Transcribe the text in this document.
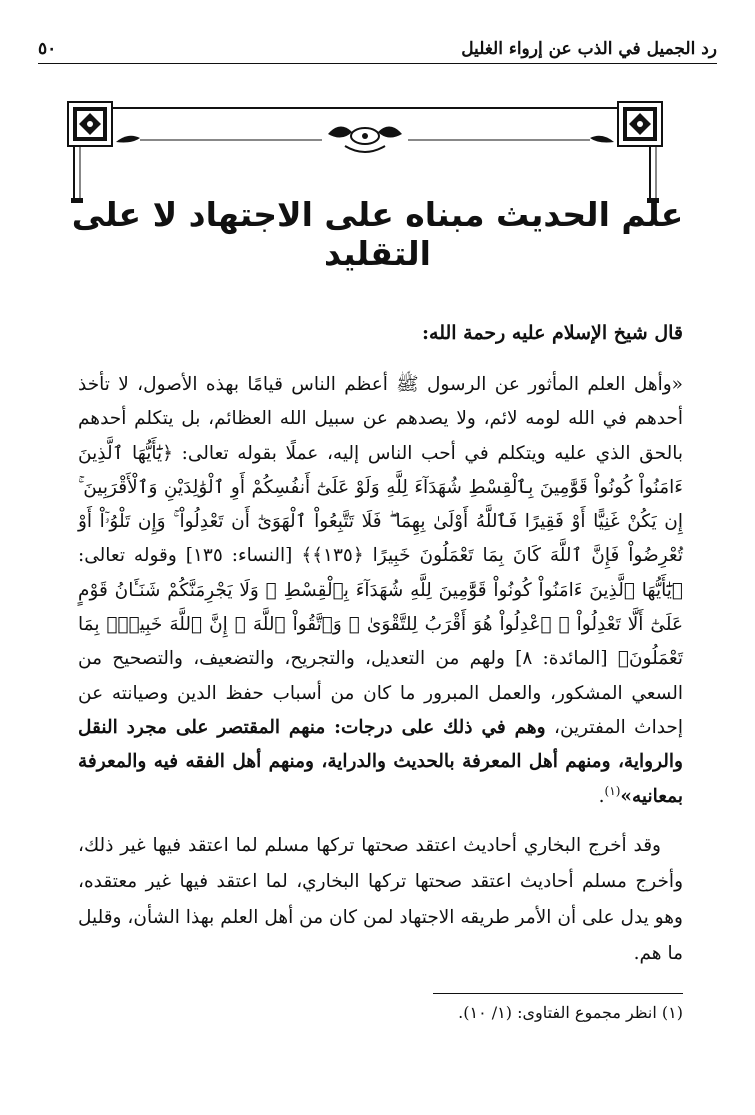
رد الجميل في الذب عن إرواء الغليل
٥٠
علم الحديث مبناه على الاجتهاد لا على التقليد
قال شيخ الإسلام عليه رحمة الله:
«وأهل العلم المأثور عن الرسول ﷺ أعظم الناس قيامًا بهذه الأصول، لا تأخذ أحدهم في الله لومه لائم، ولا يصدهم عن سبيل الله العظائم، بل يتكلم أحدهم بالحق الذي عليه ويتكلم في أحب الناس إليه، عملًا بقوله تعالى: ﴿يَٰٓأَيُّهَا ٱلَّذِينَ ءَامَنُواْ كُونُواْ قَوَّٰمِينَ بِٱلْقِسْطِ شُهَدَآءَ لِلَّهِ وَلَوْ عَلَىٰٓ أَنفُسِكُمْ أَوِ ٱلْوَٰلِدَيْنِ وَٱلْأَقْرَبِينَ ۚ إِن يَكُنْ غَنِيًّا أَوْ فَقِيرًا فَٱللَّهُ أَوْلَىٰ بِهِمَا ۖ فَلَا تَتَّبِعُواْ ٱلْهَوَىٰٓ أَن تَعْدِلُواْ ۚ وَإِن تَلْوُۥٓاْ أَوْ تُعْرِضُواْ فَإِنَّ ٱللَّهَ كَانَ بِمَا تَعْمَلُونَ خَبِيرًا ﴿١٣٥﴾﴾ [النساء: ١٣٥] وقوله تعالى: ﴿يَٰٓأَيُّهَا ٱلَّذِينَ ءَامَنُواْ كُونُواْ قَوَّٰمِينَ لِلَّهِ شُهَدَآءَ بِٱلْقِسْطِ ۖ وَلَا يَجْرِمَنَّكُمْ شَنَـَٔانُ قَوْمٍ عَلَىٰٓ أَلَّا تَعْدِلُواْ ۚ ٱعْدِلُواْ هُوَ أَقْرَبُ لِلتَّقْوَىٰ ۖ وَٱتَّقُواْ ٱللَّهَ ۚ إِنَّ ٱللَّهَ خَبِيرٌۢ بِمَا تَعْمَلُونَ﴾ [المائدة: ٨] ولهم من التعديل، والتجريح، والتضعيف، والتصحيح من السعي المشكور، والعمل المبرور ما كان من أسباب حفظ الدين وصيانته عن إحداث المفترين، وهم في ذلك على درجات: منهم المقتصر على مجرد النقل والرواية، ومنهم أهل المعرفة بالحديث والدراية، ومنهم أهل الفقه فيه والمعرفة بمعانيه»$^{(١)}$.
وقد أخرج البخاري أحاديث اعتقد صحتها تركها مسلم لما اعتقد فيها غير ذلك، وأخرج مسلم أحاديث اعتقد صحتها تركها البخاري، لما اعتقد فيها غير معتقده، وهو يدل على أن الأمر طريقه الاجتهاد لمن كان من أهل العلم بهذا الشأن، وقليل ما هم.
(١) انظر مجموع الفتاوى: (١/ ١٠).
